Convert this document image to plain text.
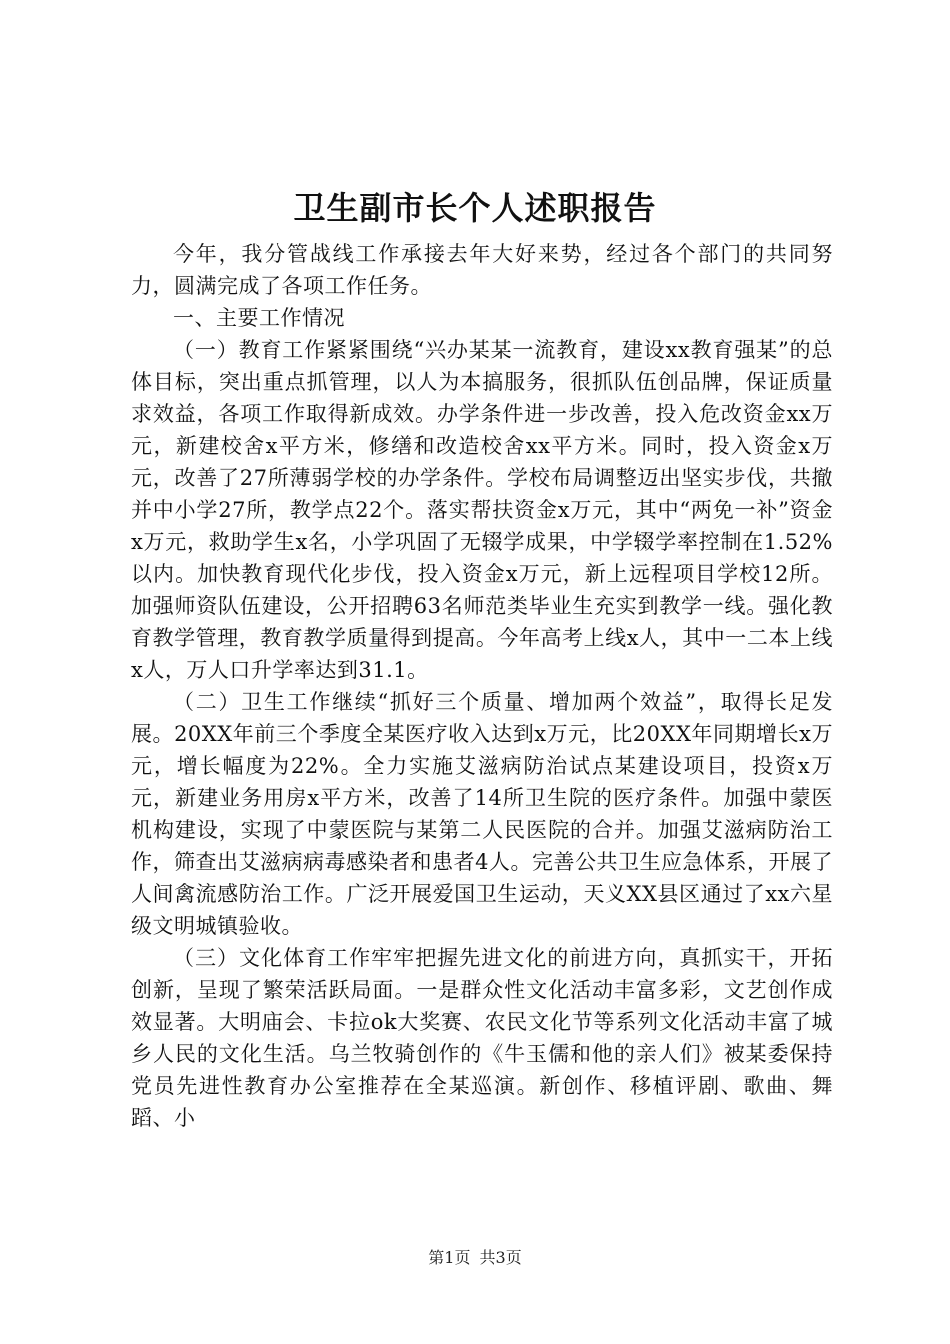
卫生副市长个人述职报告

今年，我分管战线工作承接去年大好来势，经过各个部门的共同努力，圆满完成了各项工作任务。

一、主要工作情况

（一）教育工作紧紧围绕“兴办某某一流教育，建设xx教育强某”的总体目标，突出重点抓管理，以人为本搞服务，很抓队伍创品牌，保证质量求效益，各项工作取得新成效。办学条件进一步改善，投入危改资金xx万元，新建校舍x平方米，修缮和改造校舍xx平方米。同时，投入资金x万元，改善了27所薄弱学校的办学条件。学校布局调整迈出坚实步伐，共撤并中小学27所，教学点22个。落实帮扶资金x万元，其中“两免一补”资金x万元，救助学生x名，小学巩固了无辍学成果，中学辍学率控制在1.52%以内。加快教育现代化步伐，投入资金x万元，新上远程项目学校12所。加强师资队伍建设，公开招聘63名师范类毕业生充实到教学一线。强化教育教学管理，教育教学质量得到提高。今年高考上线x人，其中一二本上线x人，万人口升学率达到31.1。

（二）卫生工作继续“抓好三个质量、增加两个效益”，取得长足发展。20XX年前三个季度全某医疗收入达到x万元，比20XX年同期增长x万元，增长幅度为22%。全力实施艾滋病防治试点某建设项目，投资x万元，新建业务用房x平方米，改善了14所卫生院的医疗条件。加强中蒙医机构建设，实现了中蒙医院与某第二人民医院的合并。加强艾滋病防治工作，筛查出艾滋病病毒感染者和患者4人。完善公共卫生应急体系，开展了人间禽流感防治工作。广泛开展爱国卫生运动，天义XX县区通过了xx六星级文明城镇验收。

（三）文化体育工作牢牢把握先进文化的前进方向，真抓实干，开拓创新，呈现了繁荣活跃局面。一是群众性文化活动丰富多彩，文艺创作成效显著。大明庙会、卡拉ok大奖赛、农民文化节等系列文化活动丰富了城乡人民的文化生活。乌兰牧骑创作的《牛玉儒和他的亲人们》被某委保持党员先进性教育办公室推荐在全某巡演。新创作、移植评剧、歌曲、舞蹈、小

第1页 共3页
